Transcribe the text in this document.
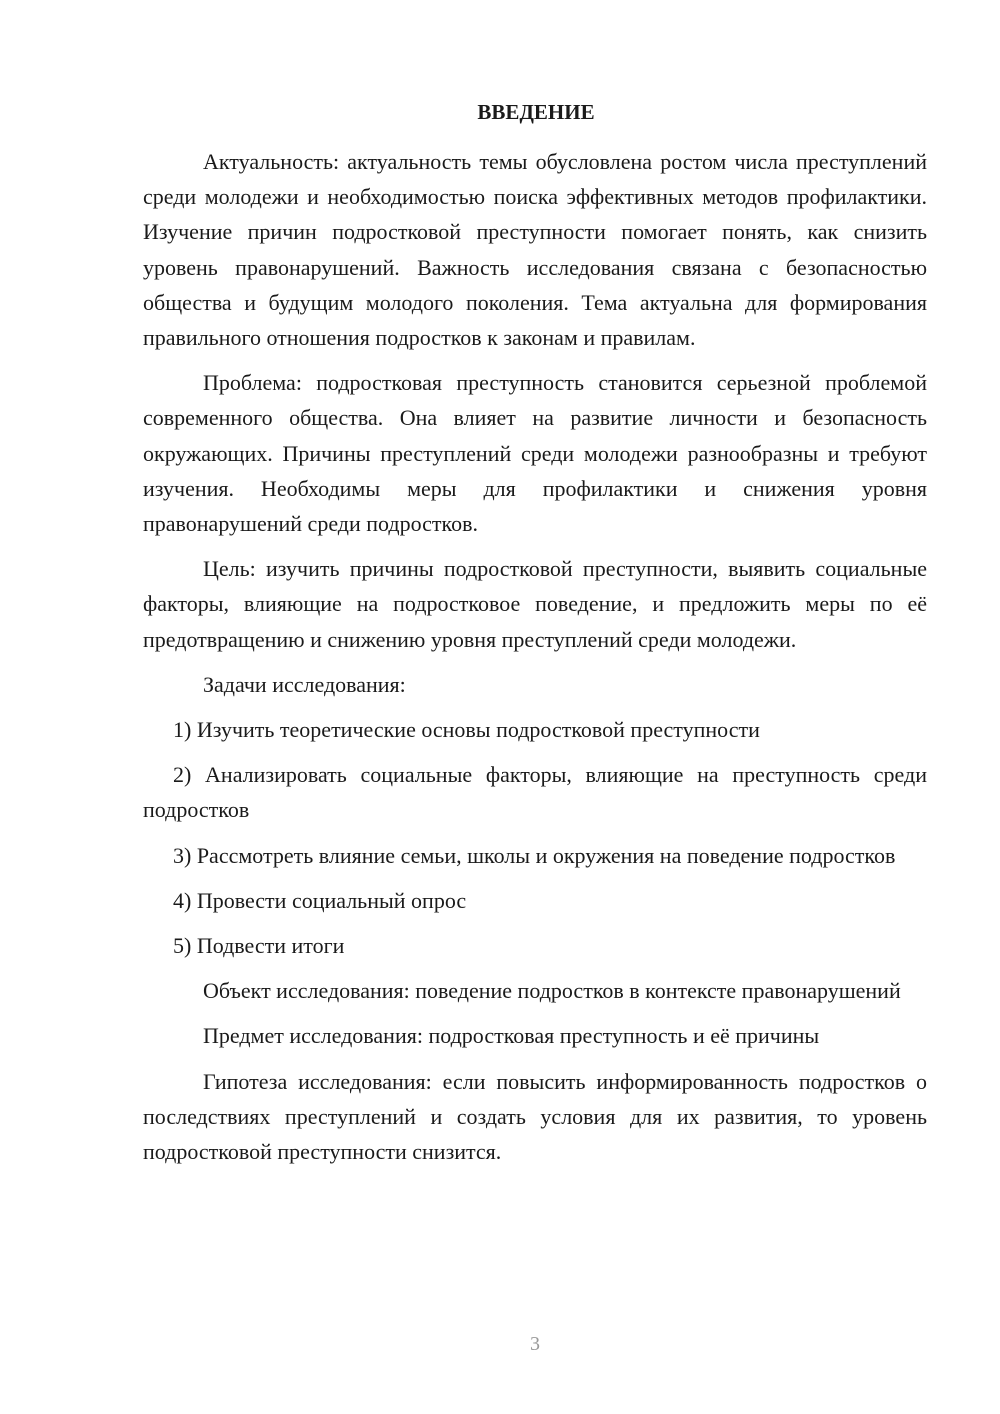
ВВЕДЕНИЕ

Актуальность: актуальность темы обусловлена ростом числа преступлений среди молодежи и необходимостью поиска эффективных методов профилактики. Изучение причин подростковой преступности помогает понять, как снизить уровень правонарушений. Важность исследования связана с безопасностью общества и будущим молодого поколения. Тема актуальна для формирования правильного отношения подростков к законам и правилам.

Проблема: подростковая преступность становится серьезной проблемой современного общества. Она влияет на развитие личности и безопасность окружающих. Причины преступлений среди молодежи разнообразны и требуют изучения. Необходимы меры для профилактики и снижения уровня правонарушений среди подростков.

Цель: изучить причины подростковой преступности, выявить социальные факторы, влияющие на подростковое поведение, и предложить меры по её предотвращению и снижению уровня преступлений среди молодежи.

Задачи исследования:

1) Изучить теоретические основы подростковой преступности

2) Анализировать социальные факторы, влияющие на преступность среди подростков

3) Рассмотреть влияние семьи, школы и окружения на поведение подростков

4) Провести социальный опрос

5) Подвести итоги

Объект исследования: поведение подростков в контексте правонарушений

Предмет исследования: подростковая преступность и её причины

Гипотеза исследования: если повысить информированность подростков о последствиях преступлений и создать условия для их развития, то уровень подростковой преступности снизится.

3
